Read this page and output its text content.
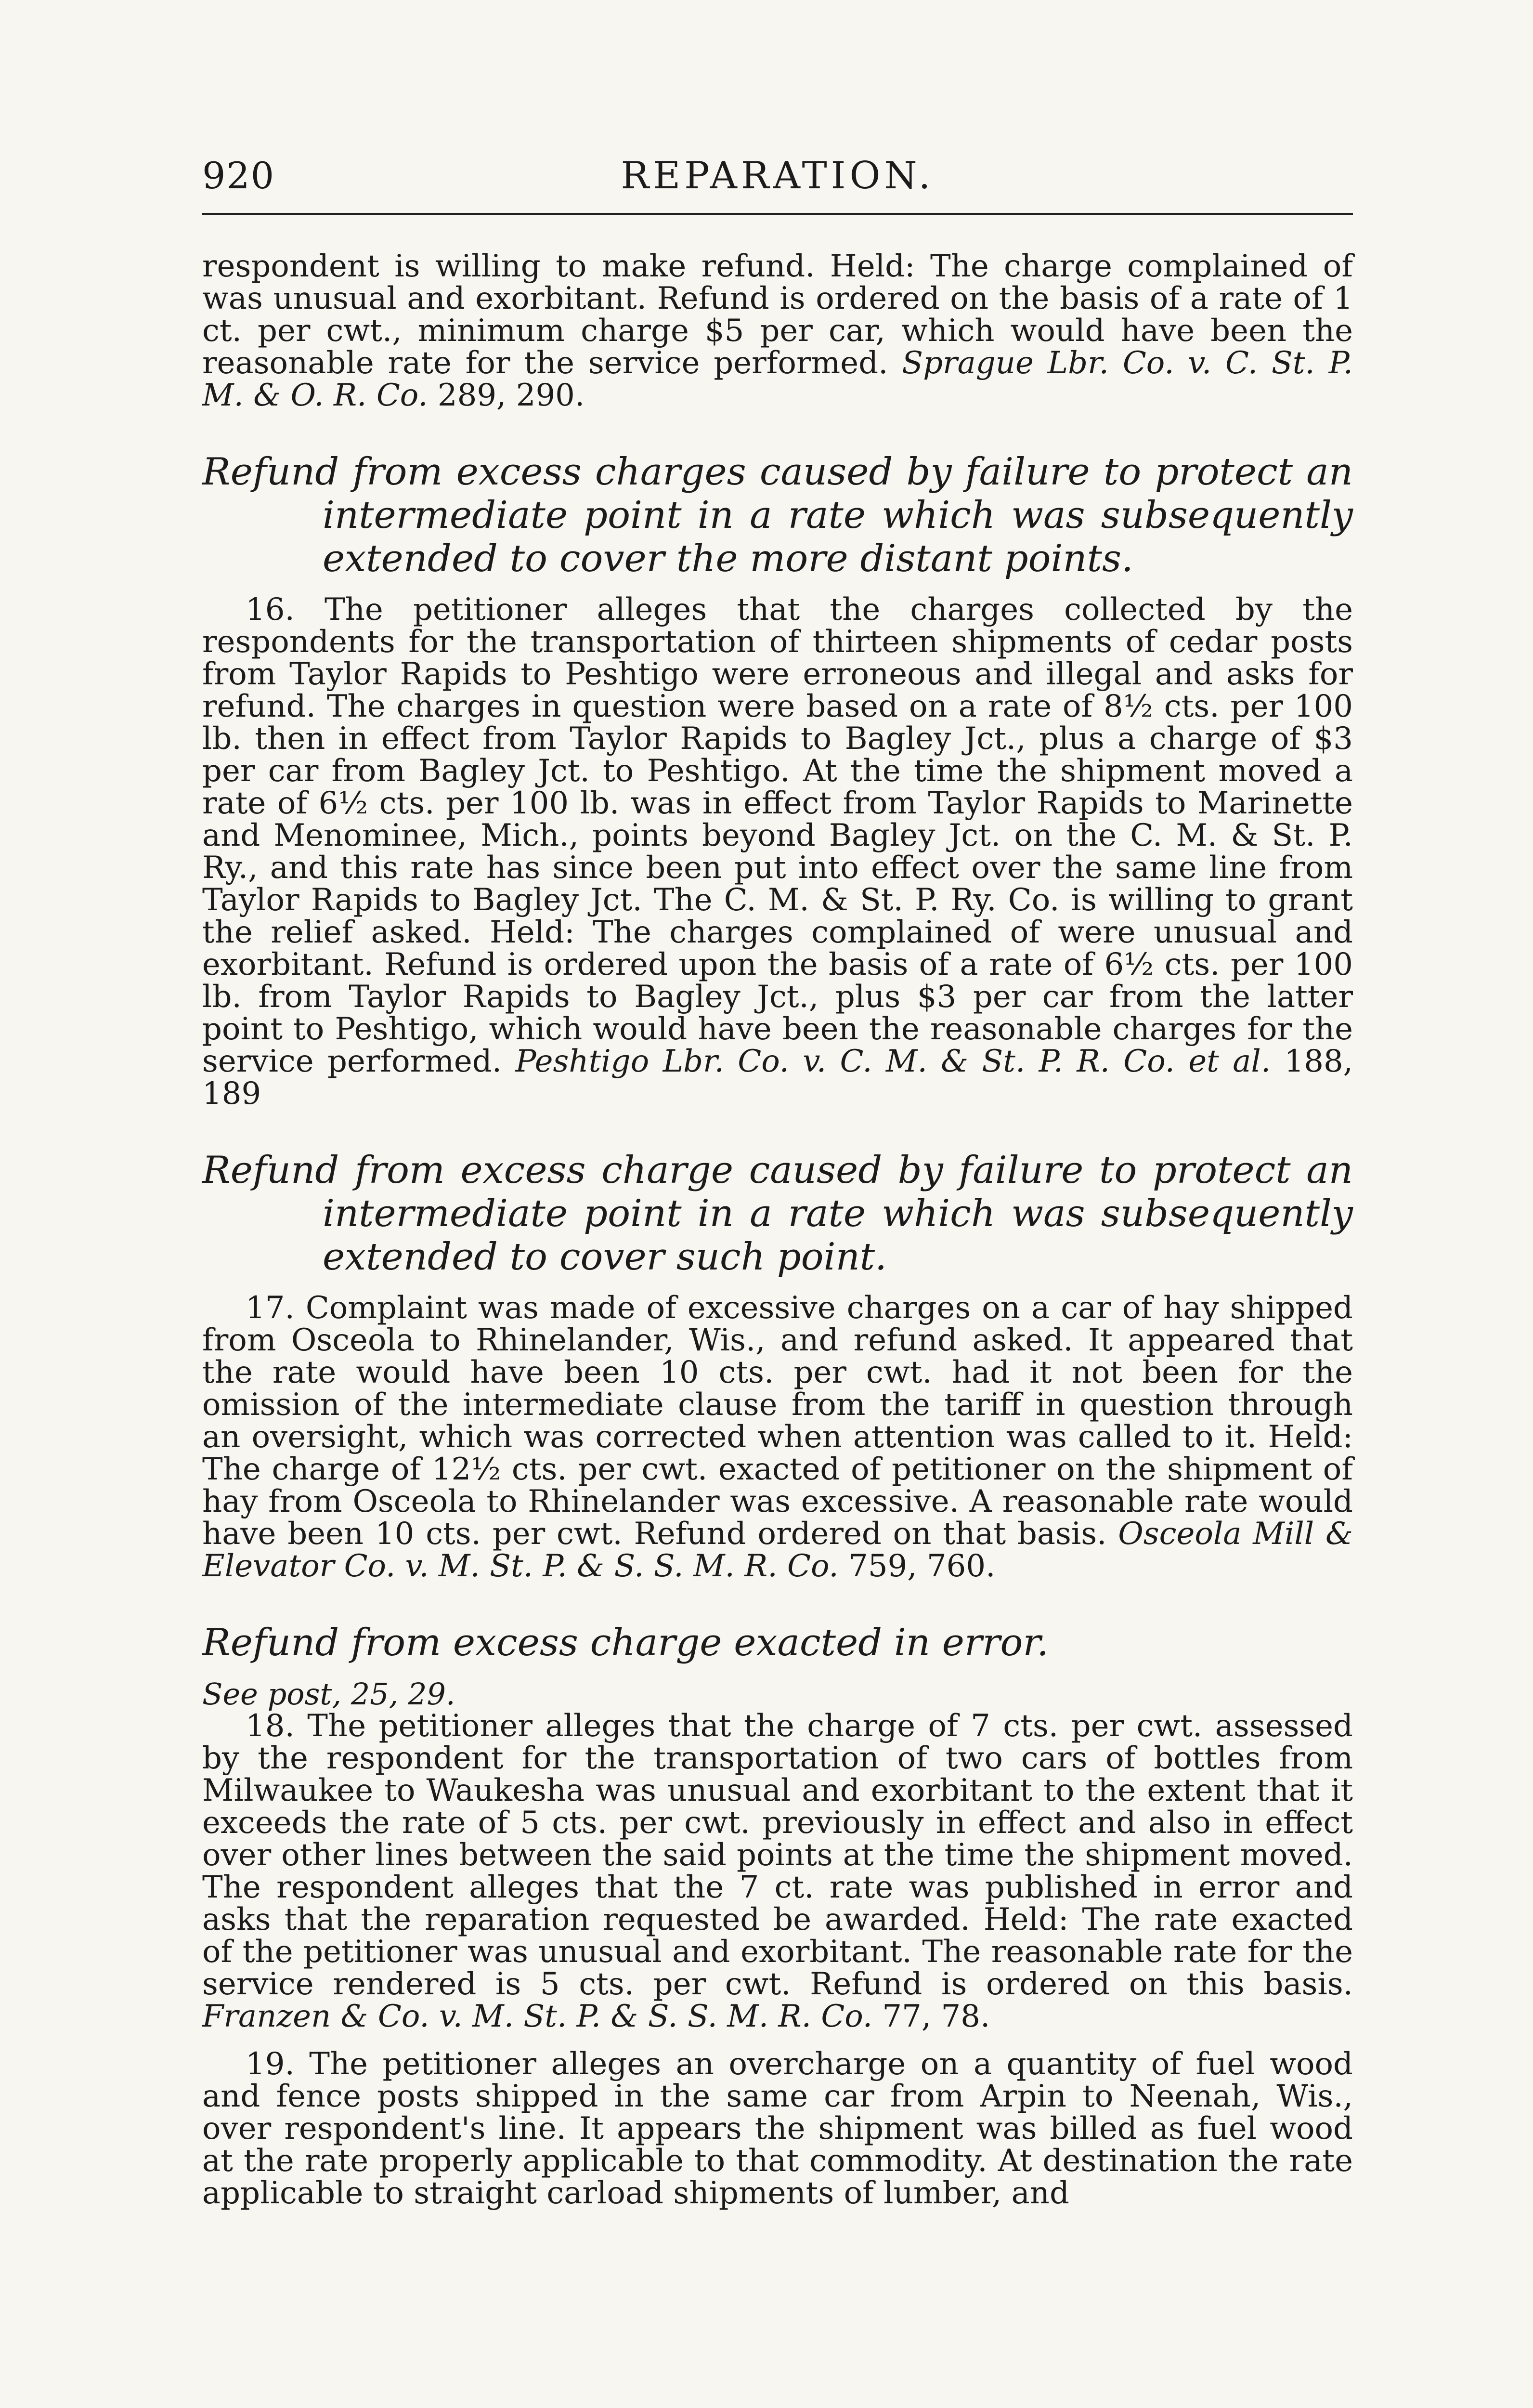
920	REPARATION.

respondent is willing to make refund. Held: The charge complained of was unusual and exorbitant. Refund is ordered on the basis of a rate of 1 ct. per cwt., minimum charge $5 per car, which would have been the reasonable rate for the service performed. Sprague Lbr. Co. v. C. St. P. M. & O. R. Co. 289, 290.

Refund from excess charges caused by failure to protect an intermediate point in a rate which was subsequently extended to cover the more distant points.

16. The petitioner alleges that the charges collected by the respondents for the transportation of thirteen shipments of cedar posts from Taylor Rapids to Peshtigo were erroneous and illegal and asks for refund. The charges in question were based on a rate of 8½ cts. per 100 lb. then in effect from Taylor Rapids to Bagley Jct., plus a charge of $3 per car from Bagley Jct. to Peshtigo. At the time the shipment moved a rate of 6½ cts. per 100 lb. was in effect from Taylor Rapids to Marinette and Menominee, Mich., points beyond Bagley Jct. on the C. M. & St. P. Ry., and this rate has since been put into effect over the same line from Taylor Rapids to Bagley Jct. The C. M. & St. P. Ry. Co. is willing to grant the relief asked. Held: The charges complained of were unusual and exorbitant. Refund is ordered upon the basis of a rate of 6½ cts. per 100 lb. from Taylor Rapids to Bagley Jct., plus $3 per car from the latter point to Peshtigo, which would have been the reasonable charges for the service performed. Peshtigo Lbr. Co. v. C. M. & St. P. R. Co. et al. 188, 189

Refund from excess charge caused by failure to protect an intermediate point in a rate which was subsequently extended to cover such point.

17. Complaint was made of excessive charges on a car of hay shipped from Osceola to Rhinelander, Wis., and refund asked. It appeared that the rate would have been 10 cts. per cwt. had it not been for the omission of the intermediate clause from the tariff in question through an oversight, which was corrected when attention was called to it. Held: The charge of 12½ cts. per cwt. exacted of petitioner on the shipment of hay from Osceola to Rhinelander was excessive. A reasonable rate would have been 10 cts. per cwt. Refund ordered on that basis. Osceola Mill & Elevator Co. v. M. St. P. & S. S. M. R. Co. 759, 760.

Refund from excess charge exacted in error.

See post, 25, 29.

18. The petitioner alleges that the charge of 7 cts. per cwt. assessed by the respondent for the transportation of two cars of bottles from Milwaukee to Waukesha was unusual and exorbitant to the extent that it exceeds the rate of 5 cts. per cwt. previously in effect and also in effect over other lines between the said points at the time the shipment moved. The respondent alleges that the 7 ct. rate was published in error and asks that the reparation requested be awarded. Held: The rate exacted of the petitioner was unusual and exorbitant. The reasonable rate for the service rendered is 5 cts. per cwt. Refund is ordered on this basis. Franzen & Co. v. M. St. P. & S. S. M. R. Co. 77, 78.

19. The petitioner alleges an overcharge on a quantity of fuel wood and fence posts shipped in the same car from Arpin to Neenah, Wis., over respondent's line. It appears the shipment was billed as fuel wood at the rate properly applicable to that commodity. At destination the rate applicable to straight carload shipments of lumber, and
